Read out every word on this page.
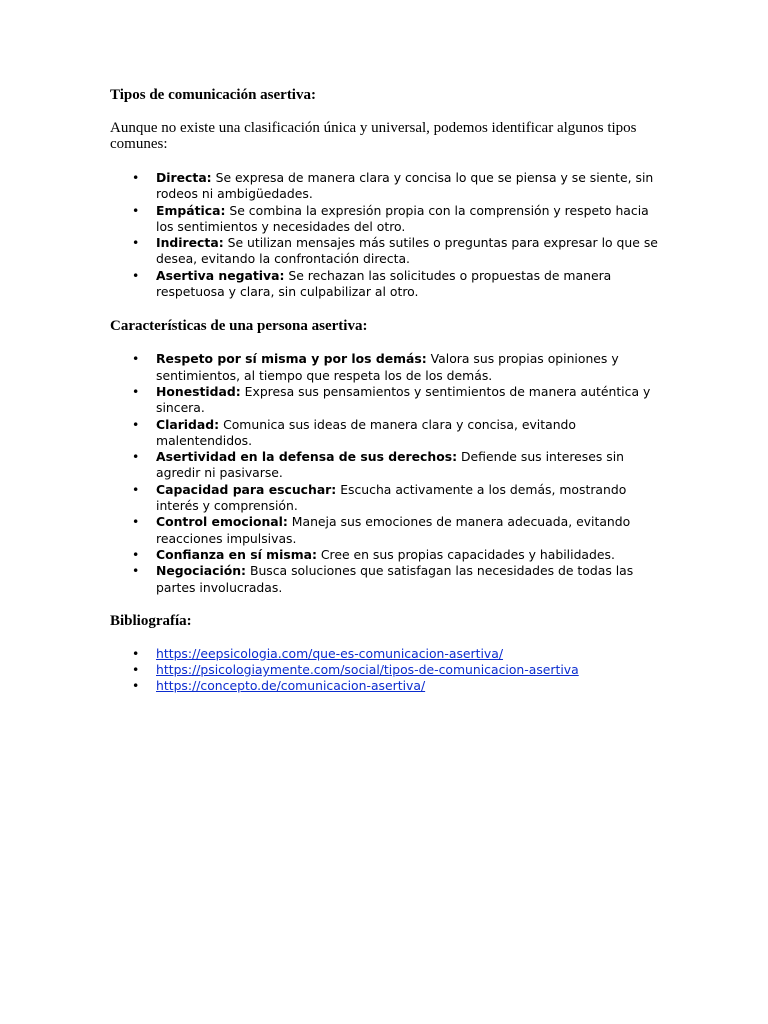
Tipos de comunicación asertiva:

Aunque no existe una clasificación única y universal, podemos identificar algunos tipos comunes:

• Directa: Se expresa de manera clara y concisa lo que se piensa y se siente, sin rodeos ni ambigüedades.
• Empática: Se combina la expresión propia con la comprensión y respeto hacia los sentimientos y necesidades del otro.
• Indirecta: Se utilizan mensajes más sutiles o preguntas para expresar lo que se desea, evitando la confrontación directa.
• Asertiva negativa: Se rechazan las solicitudes o propuestas de manera respetuosa y clara, sin culpabilizar al otro.
Características de una persona asertiva:
• Respeto por sí misma y por los demás: Valora sus propias opiniones y sentimientos, al tiempo que respeta los de los demás.
• Honestidad: Expresa sus pensamientos y sentimientos de manera auténtica y sincera.
• Claridad: Comunica sus ideas de manera clara y concisa, evitando malentendidos.
• Asertividad en la defensa de sus derechos: Defiende sus intereses sin agredir ni pasivarse.
• Capacidad para escuchar: Escucha activamente a los demás, mostrando interés y comprensión.
• Control emocional: Maneja sus emociones de manera adecuada, evitando reacciones impulsivas.
• Confianza en sí misma: Cree en sus propias capacidades y habilidades.
• Negociación: Busca soluciones que satisfagan las necesidades de todas las partes involucradas.
Bibliografía:
• https://eepsicologia.com/que-es-comunicacion-asertiva/
• https://psicologiaymente.com/social/tipos-de-comunicacion-asertiva
• https://concepto.de/comunicacion-asertiva/
